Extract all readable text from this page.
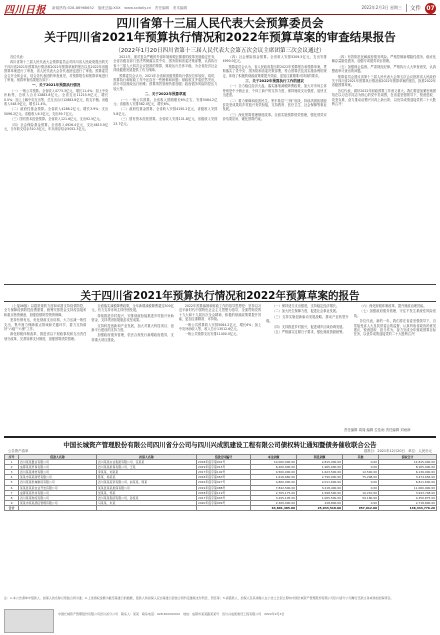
四川日报 新闻热线:028-86968652　值班总编:XXX　www.scdaily.cn　责任编辑　美术编辑	2022年2月3日 星期三	文件 07
四川省第十三届人民代表大会预算委员会
关于四川省2021年预算执行情况和2022年预算草案的审查结果报告
（2022年1月20日四川省第十三届人民代表大会第五次会议主席团第三次会议通过）

各位代表：

四川省第十三届人民代表大会预算委员会对四川省人民政府提出的关于四川省2021年预算执行情况和2022年预算草案的报告以及2022年省级预算草案进行了审查，省人民代表大会各代表团也进行了审查。预算委员会召开全体会议，结合各代表团的审查意见，对预算报告和预算草案进行了审查。现将审查结果报告如下：

一、关于2021年预算执行情况

（一）一般公共预算。全省收入4773.3亿元，增长11.4%；加上中央补助等，总收入合计12883.8亿元。全省支出11215.9亿元，增长0.5%；加上上解中央支出等，总支出合计12883.8亿元，收支平衡。省级收入548.9亿元，增长11.4%。

（二）政府性基金预算。全省收入4286.2亿元，增长3.9%；支出5096.2亿元。省级收入6.3亿元，支出59.7亿元。

（三）国有资本经营预算。全省收入121.6亿元，支出92.5亿元。

（四）社会保险基金预算。全省收入4926.4亿元，支出4615.9亿元，当年收支结余310.5亿元，年末滚存结余5052.3亿元。

2021年，面对复杂严峻的外部环境和艰巨繁重的改革发展稳定任务，全省各级各部门坚决贯彻落实党中央、国务院和省委决策部署，认真执行省十三届人大四次会议批准的预算，财政运行总体平稳，为全省经济社会持续健康发展提供了有力保障。

预算委员会认为，2021年全省和省级预算执行情况总体较好。同时，预算执行和财政工作中还存在一些困难和问题：财政收支矛盾依然突出，部分市县财政运行困难；预算绩效管理仍需加强；政府债务风险防控压力较大等。

二、关于2022年预算草案

（一）一般公共预算。全省收入预期增长6%左右，安排5064.2亿元；省级收入安排582.0亿元，增长6%。

（二）政府性基金预算。全省收入安排4150.2亿元，省级收入安排5.8亿元。

（三）国有资本经营预算。全省收入安排101.8亿元，省级收入安排23.7亿元。

（四）社会保险基金预算。全省收入安排5209.5亿元，支出安排4990.0亿元。

预算委员会认为，省人民政府提出的2022年预算报告和预算草案，贯彻落实了党中央、国务院和省委决策部署，符合预算法及其实施条例的规定，体现了积极的财政政策要提升效能、更加注重精准可持续的要求。

三、关于2022年预算执行工作的建议

（一）全力稳住经济大盘。落实落细减税降费政策，加大对市场主体特别是中小微企业、个体工商户的支持力度，保持财政支出强度，加快支出进度。

（二）着力保障和改善民生。兜牢基层“三保”底线，持续巩固拓展脱贫攻坚成果同乡村振兴有效衔接，支持教育、医疗卫生、社会保障等事业发展。

（三）深化预算管理制度改革。全面实施预算绩效管理，强化绩效评价结果应用，硬化预算约束。

（四）有效防范化解政府债务风险。严格控制新增隐性债务，稳妥化解存量隐性债务，加强专项债券项目管理。

（五）加强财会监督。严肃财经纪律，严格执行人大审查意见，认真整改审计查出的问题。

预算委员会建议省第十三届人民代表大会第五次会议批准省人民政府关于四川省2021年预算执行情况和2022年预算草案的报告，批准2022年省级预算草案。

各位代表，做好2022年财政预算工作意义重大。我们要更加紧密地团结在以习近平同志为核心的党中央周围，在省委坚强领导下，锐意进取、攻坚克难，奋力推动治蜀兴川再上新台阶，以优异成绩迎接党的二十大胜利召开！

关于四川省2021年预算执行情况和2022年预算草案的报告

（上接06版）以超常规的力度和举措支持疫情防控，全力保障疫情防控经费需要，统筹安排资金支持疫苗接种和重点物资储备，加强疫情防控物资保障。

坚持有保有压，优化财政支出结构，大力压减一般性支出，集中财力保障重点领域和关键环节，着力支持做好“六稳”“六保”工作。

深化财税体制改革，推进省以下财政事权和支出责任划分改革，完善转移支付制度，加强预算绩效管理。

全面落实减税降费政策，全年新增减税降费超过500亿元，有力支持市场主体纾困发展。

持续推进乡村振兴，安排财政衔接推进乡村振兴补助资金，支持巩固拓展脱贫攻坚成果。

支持科技创新和产业发展，加大对重大科技项目、创新平台建设的支持力度。

加强政府债务管理，依法合规发行新增政府债券，支持重大项目建设。

2022年预算编制和财政工作的指导思想是：坚持以习近平新时代中国特色社会主义思想为指导，全面贯彻党的十九大和十九届历次全会精神，积极的财政政策要提升效能，更加注重精准、可持续。

一般公共预算收入安排5064.2亿元，增长6%；加上中央补助收入等，收入总计13012.6亿元。

一般公共预算支出安排11400.0亿元。

（一）保持适当支出强度，支持稳定经济增长。

（二）加大民生保障力度，促进社会事业发展。

（三）支持实施创新驱动发展战略，推动产业转型升级。

（四）支持推进乡村振兴，促进城乡区域协调发展。

（五）严格落实过紧日子要求，强化财政资源统筹。

（六）深化财税体制改革，提升财政治理效能。

（七）加强政府债务管理，守住不发生系统性风险底线。

各位代表，新的一年，我们将在省委坚强领导下，自觉接受省人大及其常委会的监督，认真听取省政协的意见建议，锐意进取、担当作为，奋力完成全年财政预算目标任务，以优异成绩迎接党的二十大胜利召开！

责任编辑 周闻 编辑 位佳雨 责任编辑 刘雨润
中国长城资产管理股份有限公司四川省分公司与四川兴成凯建设工程有限公司债权转让通知暨债务催收联合公告
公告资产清单	基准日：2021年12月20日　单位：人民币元
序号	借款人名称	担保人名称	借款合同编号	本金余额	利息余额	其他	债权合计
1	四川某某置业有限公司	四川某某实业集团有限公司、张某某	2018年借字第001号	10,000,000.00	2,815,000.00	0.00	12,815,000.00
2	成都某某贸易有限公司	四川某某担保有限公司、王某	2019年借字第015号	6,200,000.00	1,965,000.00	0.00	8,165,000.00
3	四川某某建材有限公司	李某某、刘某某	2017年借字第102号	4,500,000.00	1,623,500.00	12,500.00	6,136,000.00
4	某某市某某商贸有限公司	陈某、杨某某	2018年借字第063号	1,616,660.00	2,790,000.00	75,298.00	3,474,656.00
5	四川某某机械制造有限公司	四川某某投资有限公司、赵某某、周某	2016年借字第027号	4,800,000.00	2,011,600.00	0.00	6,811,600.00
6	某某县某某农业开发有限公司	某某县某某担保有限公司	2019年借字第088号	7,842,500.00	3,218,400.00	0.00	11,060,900.00
7	成都某某科技有限公司	吴某某、郑某	2018年借字第119号	2,765,175.00	1,598,500.00	10,210.00	3,943,748.00
8	四川某某物流有限公司	四川某某集团有限公司、孙某某	2017年借字第045号	3,295,195.00	1,005,500.00	50,180.00	4,350,875.00
9	某某市某某酒店管理有限公司	马某某、朱某	2020年借字第009号	2,300,000.00	418,800.00	0.00	2,718,800.00
合计				63,801,485.00	25,943,518.00	957,012.00	148,343,776.26
注：1.本公告清单中借款人、担保人的名称以原始合同为准；2.上述债权金额为截至基准日的数额，借款人和担保人应自基准日起按合同约定继续支付利息、罚息等；3.请借款人、担保人及其承继人在公告之日起立即向中国长城资产管理股份有限公司四川省分公司履行还款义务或承担担保责任。
中国长城资产管理股份有限公司四川省分公司　联系人：某某　联系电话：028-8XXXXXXX　地址：成都市某某路某某号　四川兴成凯建设工程有限公司　2022年2月3日
